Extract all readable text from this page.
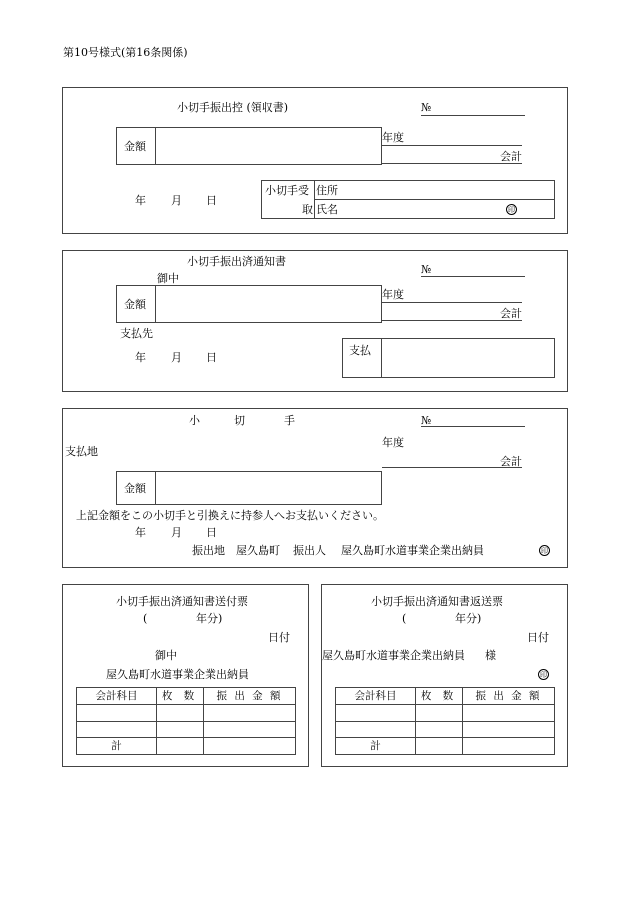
第10号様式(第16条関係)
小切手振出控 (領収書)	№
金額
年度
会計
年 月 日
小切手受
取
住所
氏名	印
小切手振出済通知書
№
御中
金額
年度
会計
支払先
年 月 日
支払
小	切	手	№
年度
支払地
会計
金額
上記金額をこの小切手と引換えに持参人へお支払いください。
年 月 日
振出地 屋久島町 振出人 屋久島町水道事業企業出納員	印
小切手振出済通知書送付票
(	年分)
日付
御中
屋久島町水道事業企業出納員
会計科目	枚 数	振 出 金 額
計
小切手振出済通知書返送票
(	年分)
日付
屋久島町水道事業企業出納員 様
印
会計科目	枚 数	振 出 金 額
計
